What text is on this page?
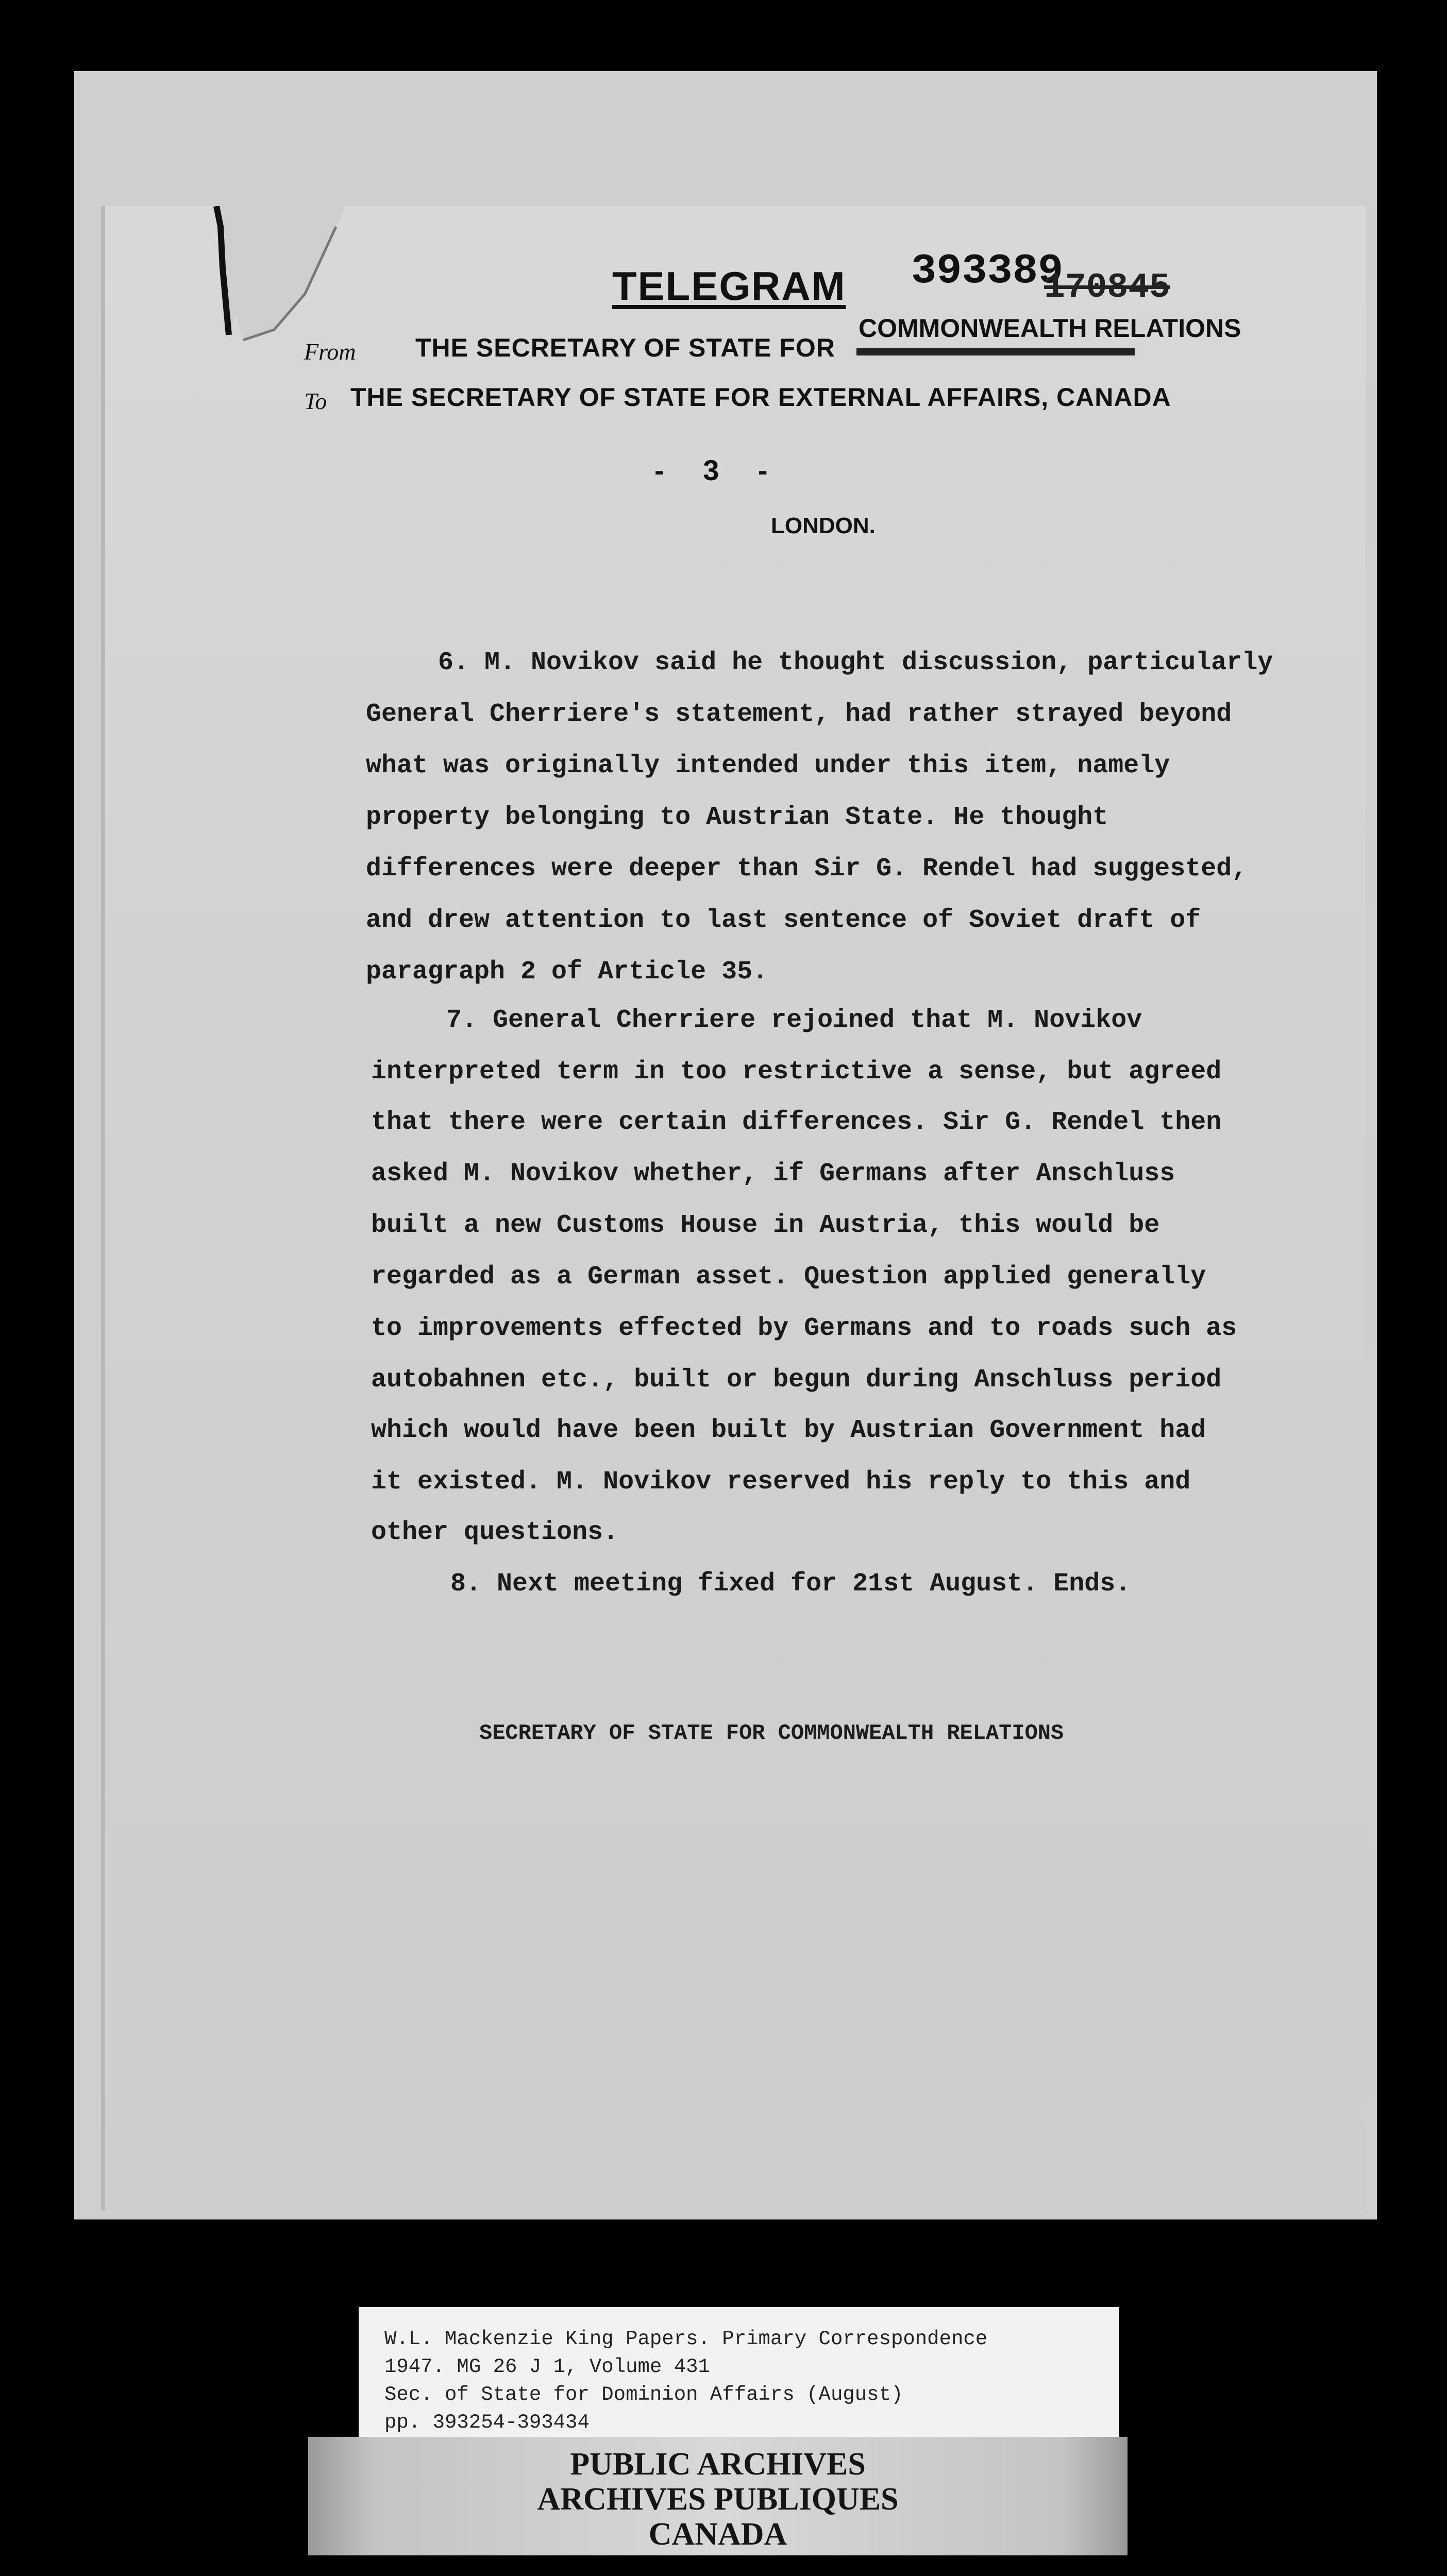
TELEGRAM 393389
170845
COMMONWEALTH RELATIONS
From THE SECRETARY OF STATE FOR
To THE SECRETARY OF STATE FOR EXTERNAL AFFAIRS, CANADA
- 3 -
LONDON.
6. M. Novikov said he thought discussion, particularly
General Cherriere's statement, had rather strayed beyond
what was originally intended under this item, namely
property belonging to Austrian State. He thought
differences were deeper than Sir G. Rendel had suggested,
and drew attention to last sentence of Soviet draft of
paragraph 2 of Article 35.
7. General Cherriere rejoined that M. Novikov
interpreted term in too restrictive a sense, but agreed
that there were certain differences. Sir G. Rendel then
asked M. Novikov whether, if Germans after Anschluss
built a new Customs House in Austria, this would be
regarded as a German asset. Question applied generally
to improvements effected by Germans and to roads such as
autobahnen etc., built or begun during Anschluss period
which would have been built by Austrian Government had
it existed. M. Novikov reserved his reply to this and
other questions.
8. Next meeting fixed for 21st August. Ends.
SECRETARY OF STATE FOR COMMONWEALTH RELATIONS
W.L. Mackenzie King Papers. Primary Correspondence
1947. MG 26 J 1, Volume 431
Sec. of State for Dominion Affairs (August)
pp. 393254-393434
PUBLIC ARCHIVES
ARCHIVES PUBLIQUES
CANADA
